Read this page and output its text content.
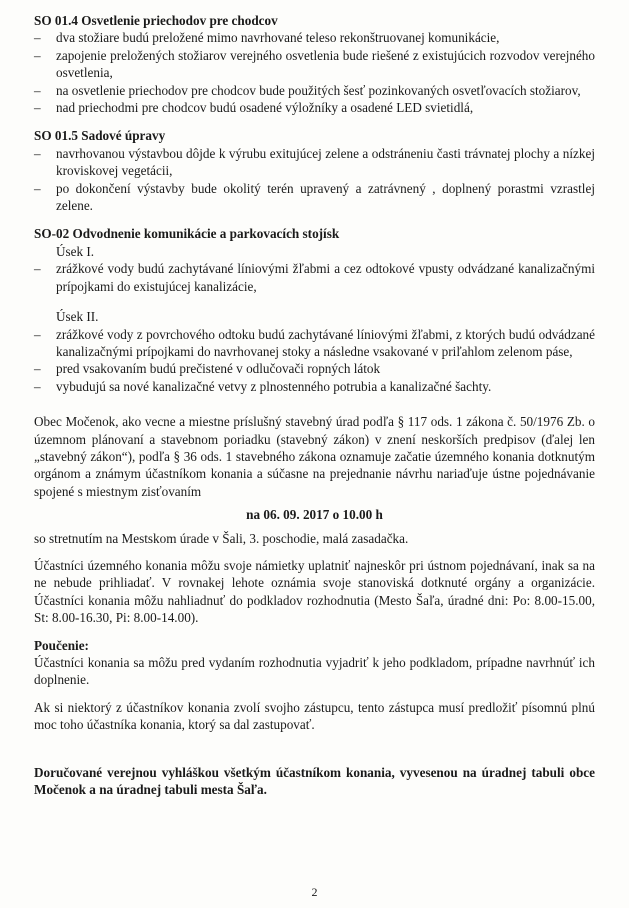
SO 01.4 Osvetlenie priechodov pre chodcov

– dva stožiare budú preložené mimo navrhované teleso rekonštruovanej komunikácie,
– zapojenie preložených stožiarov verejného osvetlenia bude riešené z existujúcich rozvodov verejného osvetlenia,
– na osvetlenie priechodov pre chodcov bude použitých šesť pozinkovaných osvetľovacích stožiarov,
– nad priechodmi pre chodcov budú osadené výložníky a osadené LED svietidlá,

SO 01.5 Sadové úpravy

– navrhovanou výstavbou dôjde k výrubu exitujúcej zelene a odstráneniu časti trávnatej plochy a nízkej kroviskovej vegetácii,
– po dokončení výstavby bude okolitý terén upravený a zatrávnený , doplnený porastmi vzrastlej zelene.

SO-02 Odvodnenie komunikácie a parkovacích stojísk

Úsek I.

– zrážkové vody budú zachytávané líniovými žľabmi a cez odtokové vpusty odvádzané kanalizačnými prípojkami do existujúcej kanalizácie,

Úsek II.

– zrážkové vody z povrchového odtoku budú zachytávané líniovými žľabmi, z ktorých budú odvádzané kanalizačnými prípojkami do navrhovanej stoky a následne vsakované v priľahlom zelenom páse,
– pred vsakovaním budú prečistené v odlučovači ropných látok
– vybudujú sa nové kanalizačné vetvy z plnostenného potrubia a kanalizačné šachty.

Obec Močenok, ako vecne a miestne príslušný stavebný úrad podľa § 117 ods. 1 zákona č. 50/1976 Zb. o územnom plánovaní a stavebnom poriadku (stavebný zákon) v znení neskorších predpisov (ďalej len „stavebný zákon“), podľa § 36 ods. 1 stavebného zákona oznamuje začatie územného konania dotknutým orgánom a známym účastníkom konania a súčasne na prejednanie návrhu nariaďuje ústne pojednávanie spojené s miestnym zisťovaním

na 06. 09. 2017 o 10.00 h

so stretnutím na Mestskom úrade v Šali, 3. poschodie, malá zasadačka.

Účastníci územného konania môžu svoje námietky uplatniť najneskôr pri ústnom pojednávaní, inak sa na ne nebude prihliadať. V rovnakej lehote oznámia svoje stanoviská dotknuté orgány a organizácie. Účastníci konania môžu nahliadnuť do podkladov rozhodnutia (Mesto Šaľa, úradné dni: Po: 8.00-15.00, St: 8.00-16.30, Pi: 8.00-14.00).

Poučenie:

Účastníci konania sa môžu pred vydaním rozhodnutia vyjadriť k jeho podkladom, prípadne navrhnúť ich doplnenie.

Ak si niektorý z účastníkov konania zvolí svojho zástupcu, tento zástupca musí predložiť písomnú plnú moc toho účastníka konania, ktorý sa dal zastupovať.

Doručované verejnou vyhláškou všetkým účastníkom konania, vyvesenou na úradnej tabuli obce Močenok a na úradnej tabuli mesta Šaľa.

2
